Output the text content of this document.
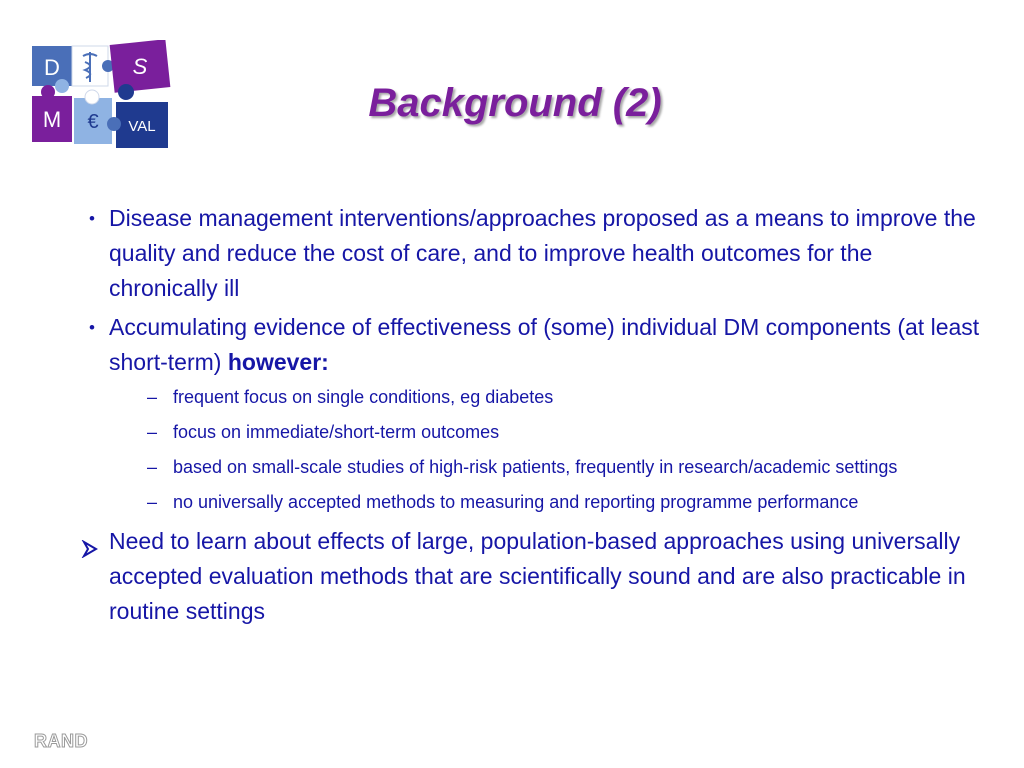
D	S
M € VAL
Background (2)
• Disease management interventions/approaches proposed as a means to improve the quality and reduce the cost of care, and to improve health outcomes for the chronically ill
• Accumulating evidence of effectiveness of (some) individual DM components (at least short-term) however:
– frequent focus on single conditions, eg diabetes
– focus on immediate/short-term outcomes
– based on small-scale studies of high-risk patients, frequently in research/academic settings
– no universally accepted methods to measuring and reporting programme performance
Need to learn about effects of large, population-based approaches using universally accepted evaluation methods that are scientifically sound and are also practicable in routine settings
RAND
